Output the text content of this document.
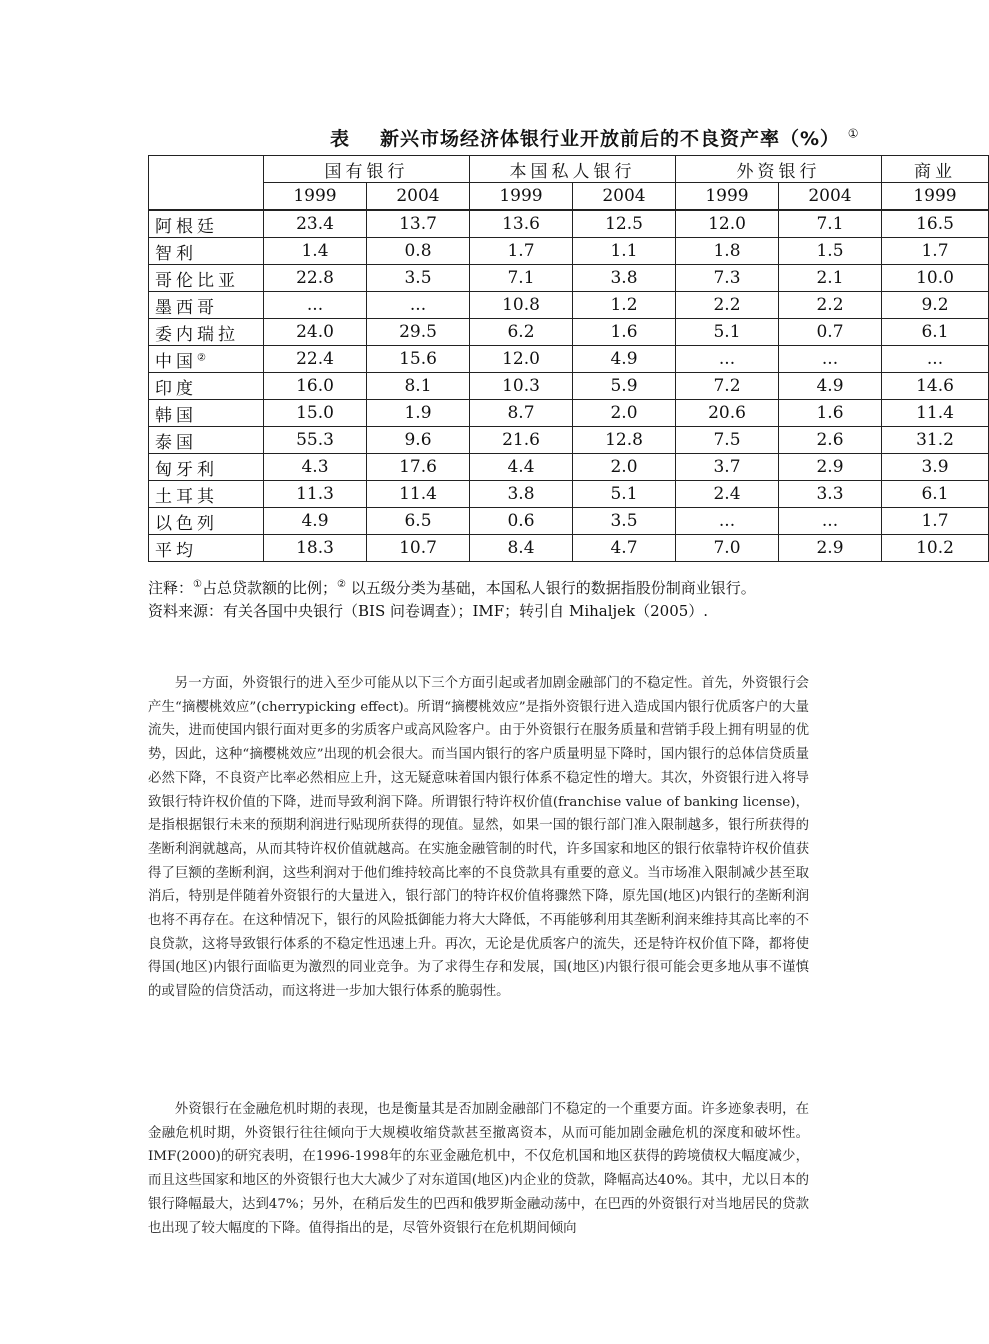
表 新兴市场经济体银行业开放前后的不良资产率（%） ①
	国有银行		本国私人银行		外资银行		商业
	1999	2004	1999	2004	1999	2004	1999
阿根廷	23.4	13.7	13.6	12.5	12.0	7.1	16.5
智利	1.4	0.8	1.7	1.1	1.8	1.5	1.7
哥伦比亚	22.8	3.5	7.1	3.8	7.3	2.1	10.0
墨西哥	...	...	10.8	1.2	2.2	2.2	9.2
委内瑞拉	24.0	29.5	6.2	1.6	5.1	0.7	6.1
中国②	22.4	15.6	12.0	4.9	...	...	...
印度	16.0	8.1	10.3	5.9	7.2	4.9	14.6
韩国	15.0	1.9	8.7	2.0	20.6	1.6	11.4
泰国	55.3	9.6	21.6	12.8	7.5	2.6	31.2
匈牙利	4.3	17.6	4.4	2.0	3.7	2.9	3.9
土耳其	11.3	11.4	3.8	5.1	2.4	3.3	6.1
以色列	4.9	6.5	0.6	3.5	...	...	1.7
平均	18.3	10.7	8.4	4.7	7.0	2.9	10.2
注释：①占总贷款额的比例；② 以五级分类为基础，本国私人银行的数据指股份制商业银行。
资料来源：有关各国中央银行（BIS 问卷调查）；IMF；转引自 Mihaljek（2005）.

另一方面，外资银行的进入至少可能从以下三个方面引起或者加剧金融部门的不稳定性。首先，外资银行会产生“摘樱桃效应”(cherrypicking effect)。所谓“摘樱桃效应”是指外资银行进入造成国内银行优质客户的大量流失，进而使国内银行面对更多的劣质客户或高风险客户。由于外资银行在服务质量和营销手段上拥有明显的优势，因此，这种“摘樱桃效应”出现的机会很大。而当国内银行的客户质量明显下降时，国内银行的总体信贷质量必然下降，不良资产比率必然相应上升，这无疑意味着国内银行体系不稳定性的增大。其次，外资银行进入将导致银行特许权价值的下降，进而导致利润下降。所谓银行特许权价值(franchise value of banking license)，是指根据银行未来的预期利润进行贴现所获得的现值。显然，如果一国的银行部门准入限制越多，银行所获得的垄断利润就越高，从而其特许权价值就越高。在实施金融管制的时代，许多国家和地区的银行依靠特许权价值获得了巨额的垄断利润，这些利润对于他们维持较高比率的不良贷款具有重要的意义。当市场准入限制减少甚至取消后，特别是伴随着外资银行的大量进入，银行部门的特许权价值将骤然下降，原先国(地区)内银行的垄断利润也将不再存在。在这种情况下，银行的风险抵御能力将大大降低，不再能够利用其垄断利润来维持其高比率的不良贷款，这将导致银行体系的不稳定性迅速上升。再次，无论是优质客户的流失，还是特许权价值下降，都将使得国(地区)内银行面临更为激烈的同业竞争。为了求得生存和发展，国(地区)内银行很可能会更多地从事不谨慎的或冒险的信贷活动，而这将进一步加大银行体系的脆弱性。

外资银行在金融危机时期的表现，也是衡量其是否加剧金融部门不稳定的一个重要方面。许多迹象表明，在金融危机时期，外资银行往往倾向于大规模收缩贷款甚至撤离资本，从而可能加剧金融危机的深度和破坏性。IMF(2000)的研究表明，在1996-1998年的东亚金融危机中，不仅危机国和地区获得的跨境债权大幅度减少，而且这些国家和地区的外资银行也大大减少了对东道国(地区)内企业的贷款，降幅高达40%。其中，尤以日本的银行降幅最大，达到47%；另外，在稍后发生的巴西和俄罗斯金融动荡中，在巴西的外资银行对当地居民的贷款也出现了较大幅度的下降。值得指出的是，尽管外资银行在危机期间倾向
